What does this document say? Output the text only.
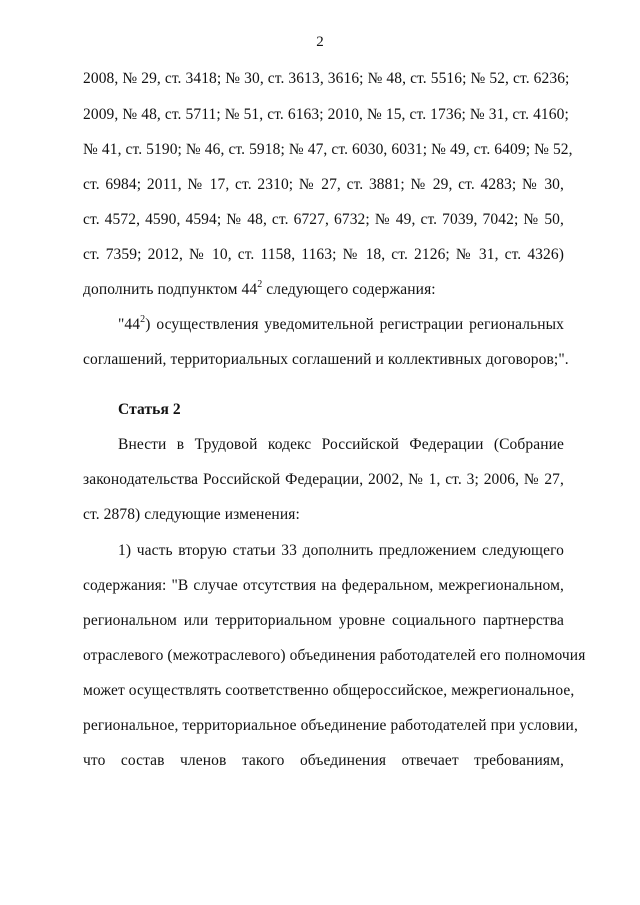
2
2008, № 29, ст. 3418; № 30, ст. 3613, 3616; № 48, ст. 5516; № 52, ст. 6236;
2009, № 48, ст. 5711; № 51, ст. 6163; 2010, № 15, ст. 1736; № 31, ст. 4160;
№ 41, ст. 5190; № 46, ст. 5918; № 47, ст. 6030, 6031; № 49, ст. 6409; № 52,
ст. 6984; 2011, № 17, ст. 2310; № 27, ст. 3881; № 29, ст. 4283; № 30,
ст. 4572, 4590, 4594; № 48, ст. 6727, 6732; № 49, ст. 7039, 7042; № 50,
ст. 7359; 2012, № 10, ст. 1158, 1163; № 18, ст. 2126; № 31, ст. 4326)
дополнить подпунктом $44^2$ следующего содержания:
"$44^2$) осуществления уведомительной регистрации региональных
соглашений, территориальных соглашений и коллективных договоров;".
Статья 2
Внести в Трудовой кодекс Российской Федерации (Собрание
законодательства Российской Федерации, 2002, № 1, ст. 3; 2006, № 27,
ст. 2878) следующие изменения:
1) часть вторую статьи 33 дополнить предложением следующего
содержания: "В случае отсутствия на федеральном, межрегиональном,
региональном или территориальном уровне социального партнерства
отраслевого (межотраслевого) объединения работодателей его полномочия
может осуществлять соответственно общероссийское, межрегиональное,
региональное, территориальное объединение работодателей при условии,
что состав членов такого объединения отвечает требованиям,
